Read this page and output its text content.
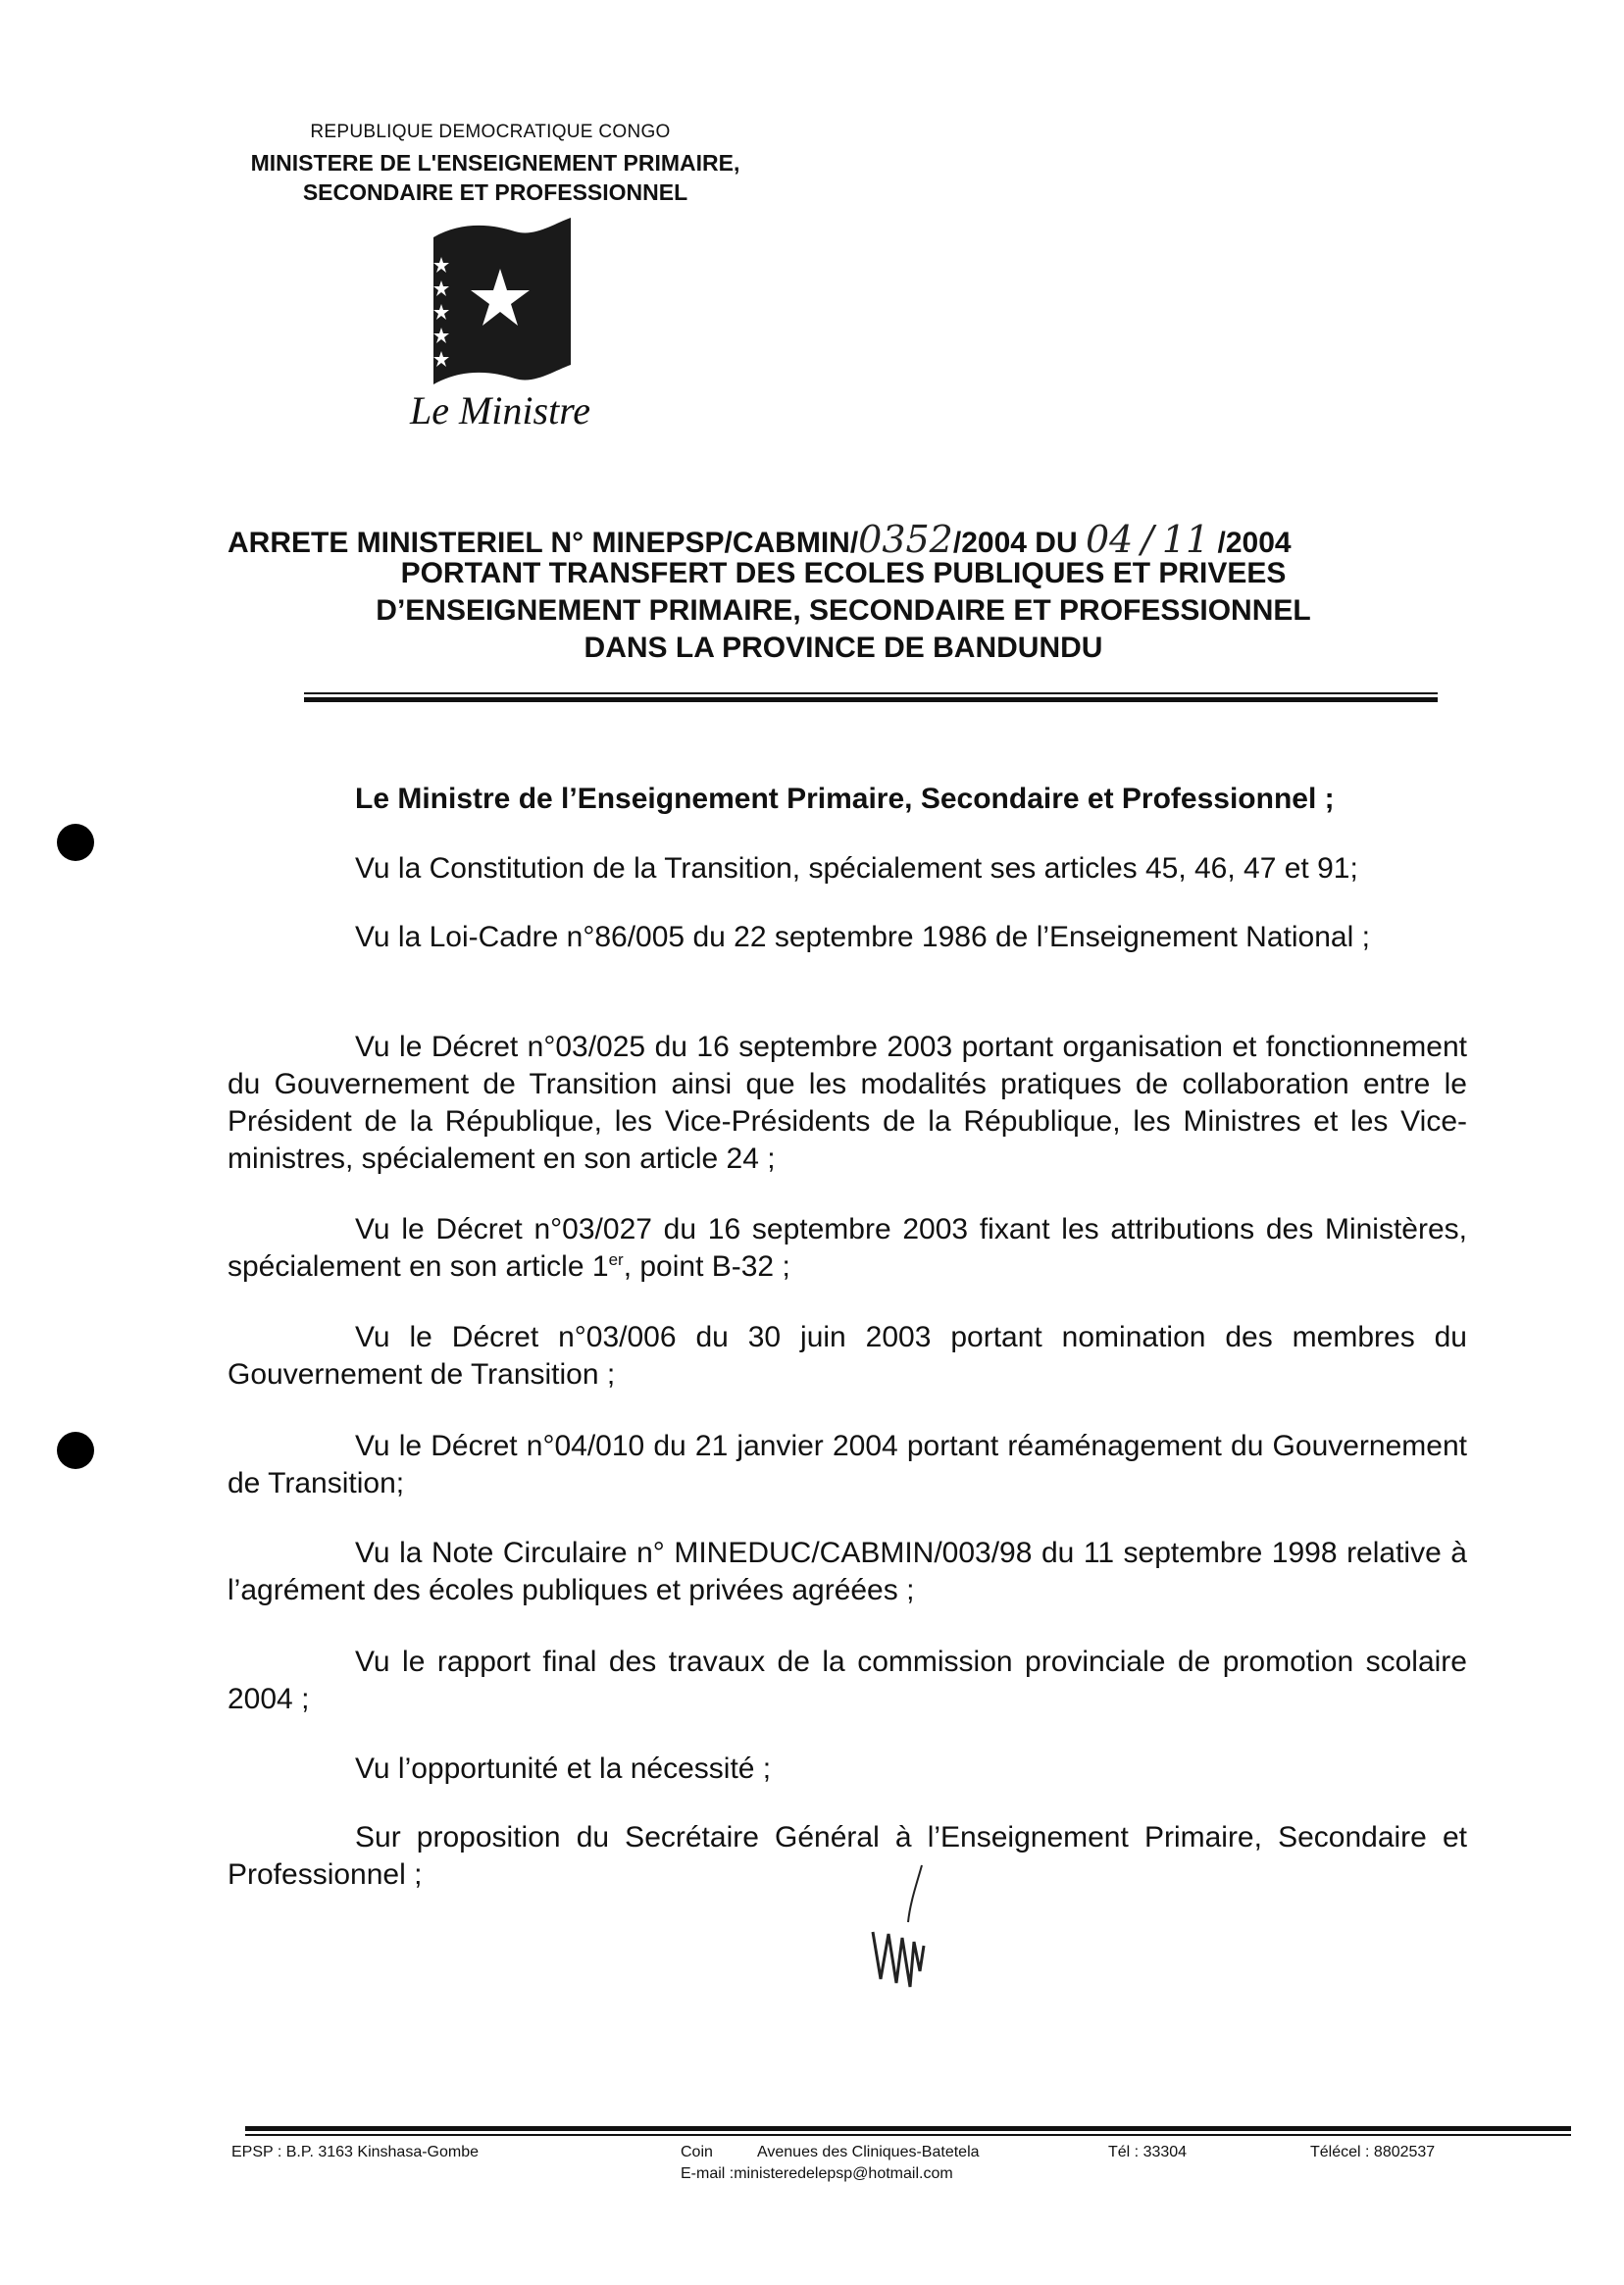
REPUBLIQUE DEMOCRATIQUE CONGO
MINISTERE DE L'ENSEIGNEMENT PRIMAIRE,
SECONDAIRE ET PROFESSIONNEL
Le Ministre
ARRETE MINISTERIEL N° MINEPSP/CABMIN/0352/2004 DU 04 / 11 /2004
PORTANT TRANSFERT DES ECOLES PUBLIQUES ET PRIVEES
D’ENSEIGNEMENT PRIMAIRE, SECONDAIRE ET PROFESSIONNEL
DANS LA PROVINCE DE BANDUNDU
Le Ministre de l’Enseignement Primaire, Secondaire et Professionnel ;
Vu la Constitution de la Transition, spécialement ses articles 45, 46, 47 et 91;

Vu la Loi-Cadre n°86/005 du 22 septembre 1986 de l’Enseignement National ;

Vu le Décret n°03/025 du 16 septembre 2003 portant organisation et fonctionnement du Gouvernement de Transition ainsi que les modalités pratiques de collaboration entre le Président de la République, les Vice-Présidents de la République, les Ministres et les Vice-ministres, spécialement en son article 24 ;

Vu le Décret n°03/027 du 16 septembre 2003 fixant les attributions des Ministères, spécialement en son article 1er, point B-32 ;

Vu le Décret n°03/006 du 30 juin 2003 portant nomination des membres du Gouvernement de Transition ;

Vu le Décret n°04/010 du 21 janvier 2004 portant réaménagement du Gouvernement de Transition;

Vu la Note Circulaire n° MINEDUC/CABMIN/003/98 du 11 septembre 1998 relative à l’agrément des écoles publiques et privées agréées ;

Vu le rapport final des travaux de la commission provinciale de promotion scolaire 2004 ;

Vu l’opportunité et la nécessité ;

Sur proposition du Secrétaire Général à l’Enseignement Primaire, Secondaire et Professionnel ;

EPSP : B.P. 3163 Kinshasa-Gombe	Coin	Avenues des Cliniques-Batetela
E-mail :ministeredelepsp@hotmail.com
Tél : 33304	Télécel : 8802537
